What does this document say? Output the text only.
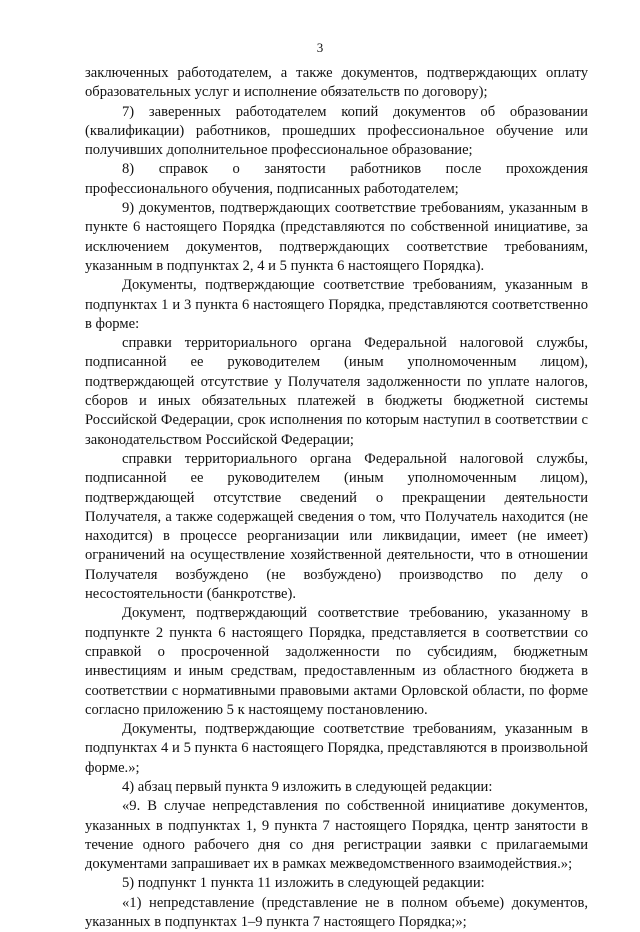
3

заключенных работодателем, а также документов, подтверждающих оплату образовательных услуг и исполнение обязательств по договору);

7) заверенных работодателем копий документов об образовании (квалификации) работников, прошедших профессиональное обучение или получивших дополнительное профессиональное образование;

8) справок о занятости работников после прохождения профессионального обучения, подписанных работодателем;

9) документов, подтверждающих соответствие требованиям, указанным в пункте 6 настоящего Порядка (представляются по собственной инициативе, за исключением документов, подтверждающих соответствие требованиям, указанным в подпунктах 2, 4 и 5 пункта 6 настоящего Порядка).

Документы, подтверждающие соответствие требованиям, указанным в подпунктах 1 и 3 пункта 6 настоящего Порядка, представляются соответственно в форме:

справки территориального органа Федеральной налоговой службы, подписанной ее руководителем (иным уполномоченным лицом), подтверждающей отсутствие у Получателя задолженности по уплате налогов, сборов и иных обязательных платежей в бюджеты бюджетной системы Российской Федерации, срок исполнения по которым наступил в соответствии с законодательством Российской Федерации;

справки территориального органа Федеральной налоговой службы, подписанной ее руководителем (иным уполномоченным лицом), подтверждающей отсутствие сведений о прекращении деятельности Получателя, а также содержащей сведения о том, что Получатель находится (не находится) в процессе реорганизации или ликвидации, имеет (не имеет) ограничений на осуществление хозяйственной деятельности, что в отношении Получателя возбуждено (не возбуждено) производство по делу о несостоятельности (банкротстве).

Документ, подтверждающий соответствие требованию, указанному в подпункте 2 пункта 6 настоящего Порядка, представляется в соответствии со справкой о просроченной задолженности по субсидиям, бюджетным инвестициям и иным средствам, предоставленным из областного бюджета в соответствии с нормативными правовыми актами Орловской области, по форме согласно приложению 5 к настоящему постановлению.

Документы, подтверждающие соответствие требованиям, указанным в подпунктах 4 и 5 пункта 6 настоящего Порядка, представляются в произвольной форме.»;

4) абзац первый пункта 9 изложить в следующей редакции:

«9. В случае непредставления по собственной инициативе документов, указанных в подпунктах 1, 9 пункта 7 настоящего Порядка, центр занятости в течение одного рабочего дня со дня регистрации заявки с прилагаемыми документами запрашивает их в рамках межведомственного взаимодействия.»;

5) подпункт 1 пункта 11 изложить в следующей редакции:

«1) непредставление (представление не в полном объеме) документов, указанных в подпунктах 1–9 пункта 7 настоящего Порядка;»;
